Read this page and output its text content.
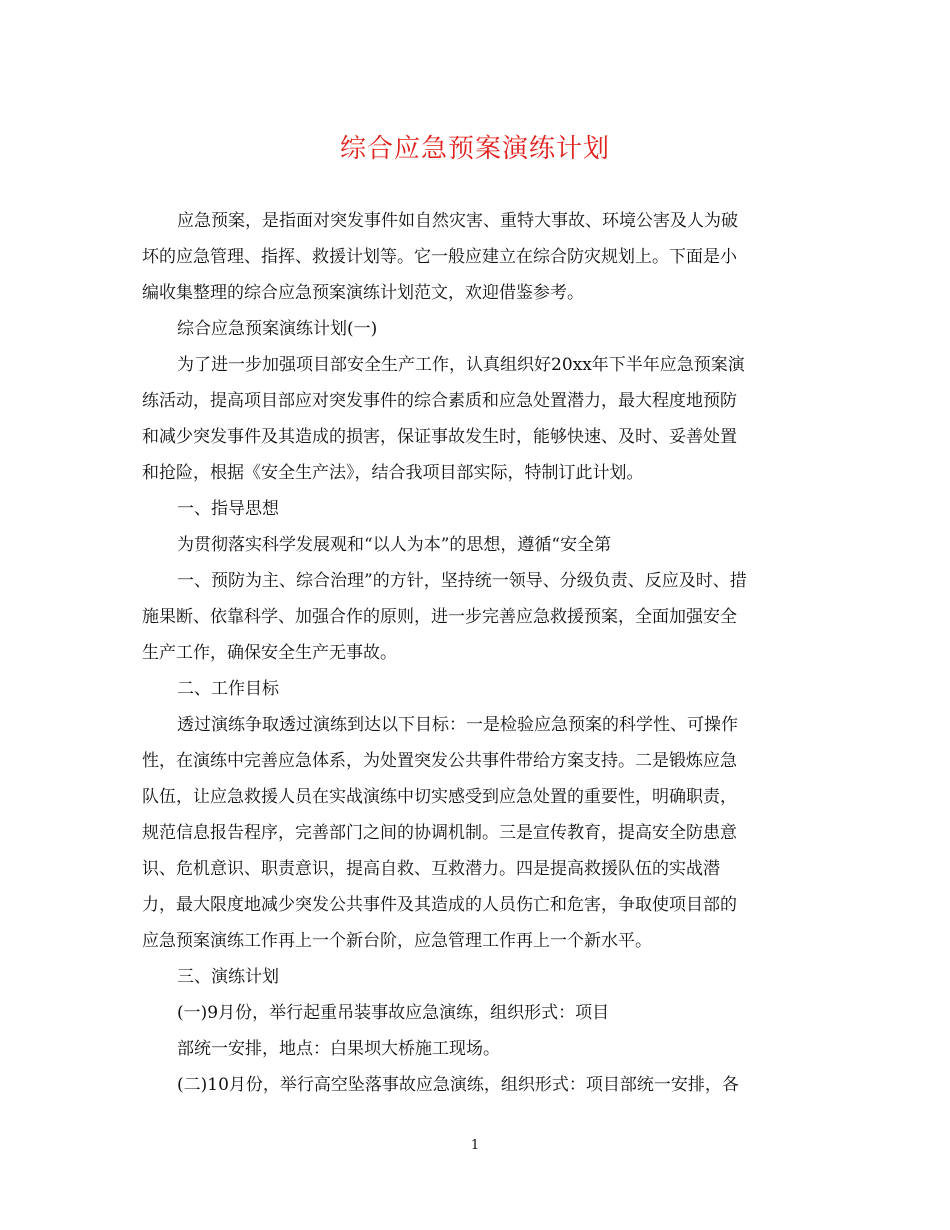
综合应急预案演练计划
应急预案，是指面对突发事件如自然灾害、重特大事故、环境公害及人为破
坏的应急管理、指挥、救援计划等。它一般应建立在综合防灾规划上。下面是小
编收集整理的综合应急预案演练计划范文，欢迎借鉴参考。
综合应急预案演练计划(一)
为了进一步加强项目部安全生产工作，认真组织好20xx年下半年应急预案演
练活动，提高项目部应对突发事件的综合素质和应急处置潜力，最大程度地预防
和减少突发事件及其造成的损害，保证事故发生时，能够快速、及时、妥善处置
和抢险，根据《安全生产法》，结合我项目部实际，特制订此计划。
一、指导思想
为贯彻落实科学发展观和“以人为本”的思想，遵循“安全第
一、预防为主、综合治理”的方针，坚持统一领导、分级负责、反应及时、措
施果断、依靠科学、加强合作的原则，进一步完善应急救援预案，全面加强安全
生产工作，确保安全生产无事故。
二、工作目标
透过演练争取透过演练到达以下目标：一是检验应急预案的科学性、可操作
性，在演练中完善应急体系，为处置突发公共事件带给方案支持。二是锻炼应急
队伍，让应急救援人员在实战演练中切实感受到应急处置的重要性，明确职责，
规范信息报告程序，完善部门之间的协调机制。三是宣传教育，提高安全防患意
识、危机意识、职责意识，提高自救、互救潜力。四是提高救援队伍的实战潜
力，最大限度地减少突发公共事件及其造成的人员伤亡和危害，争取使项目部的
应急预案演练工作再上一个新台阶，应急管理工作再上一个新水平。
三、演练计划
(一)9月份，举行起重吊装事故应急演练，组织形式：项目
部统一安排，地点：白果坝大桥施工现场。
(二)10月份，举行高空坠落事故应急演练，组织形式：项目部统一安排，各
1
